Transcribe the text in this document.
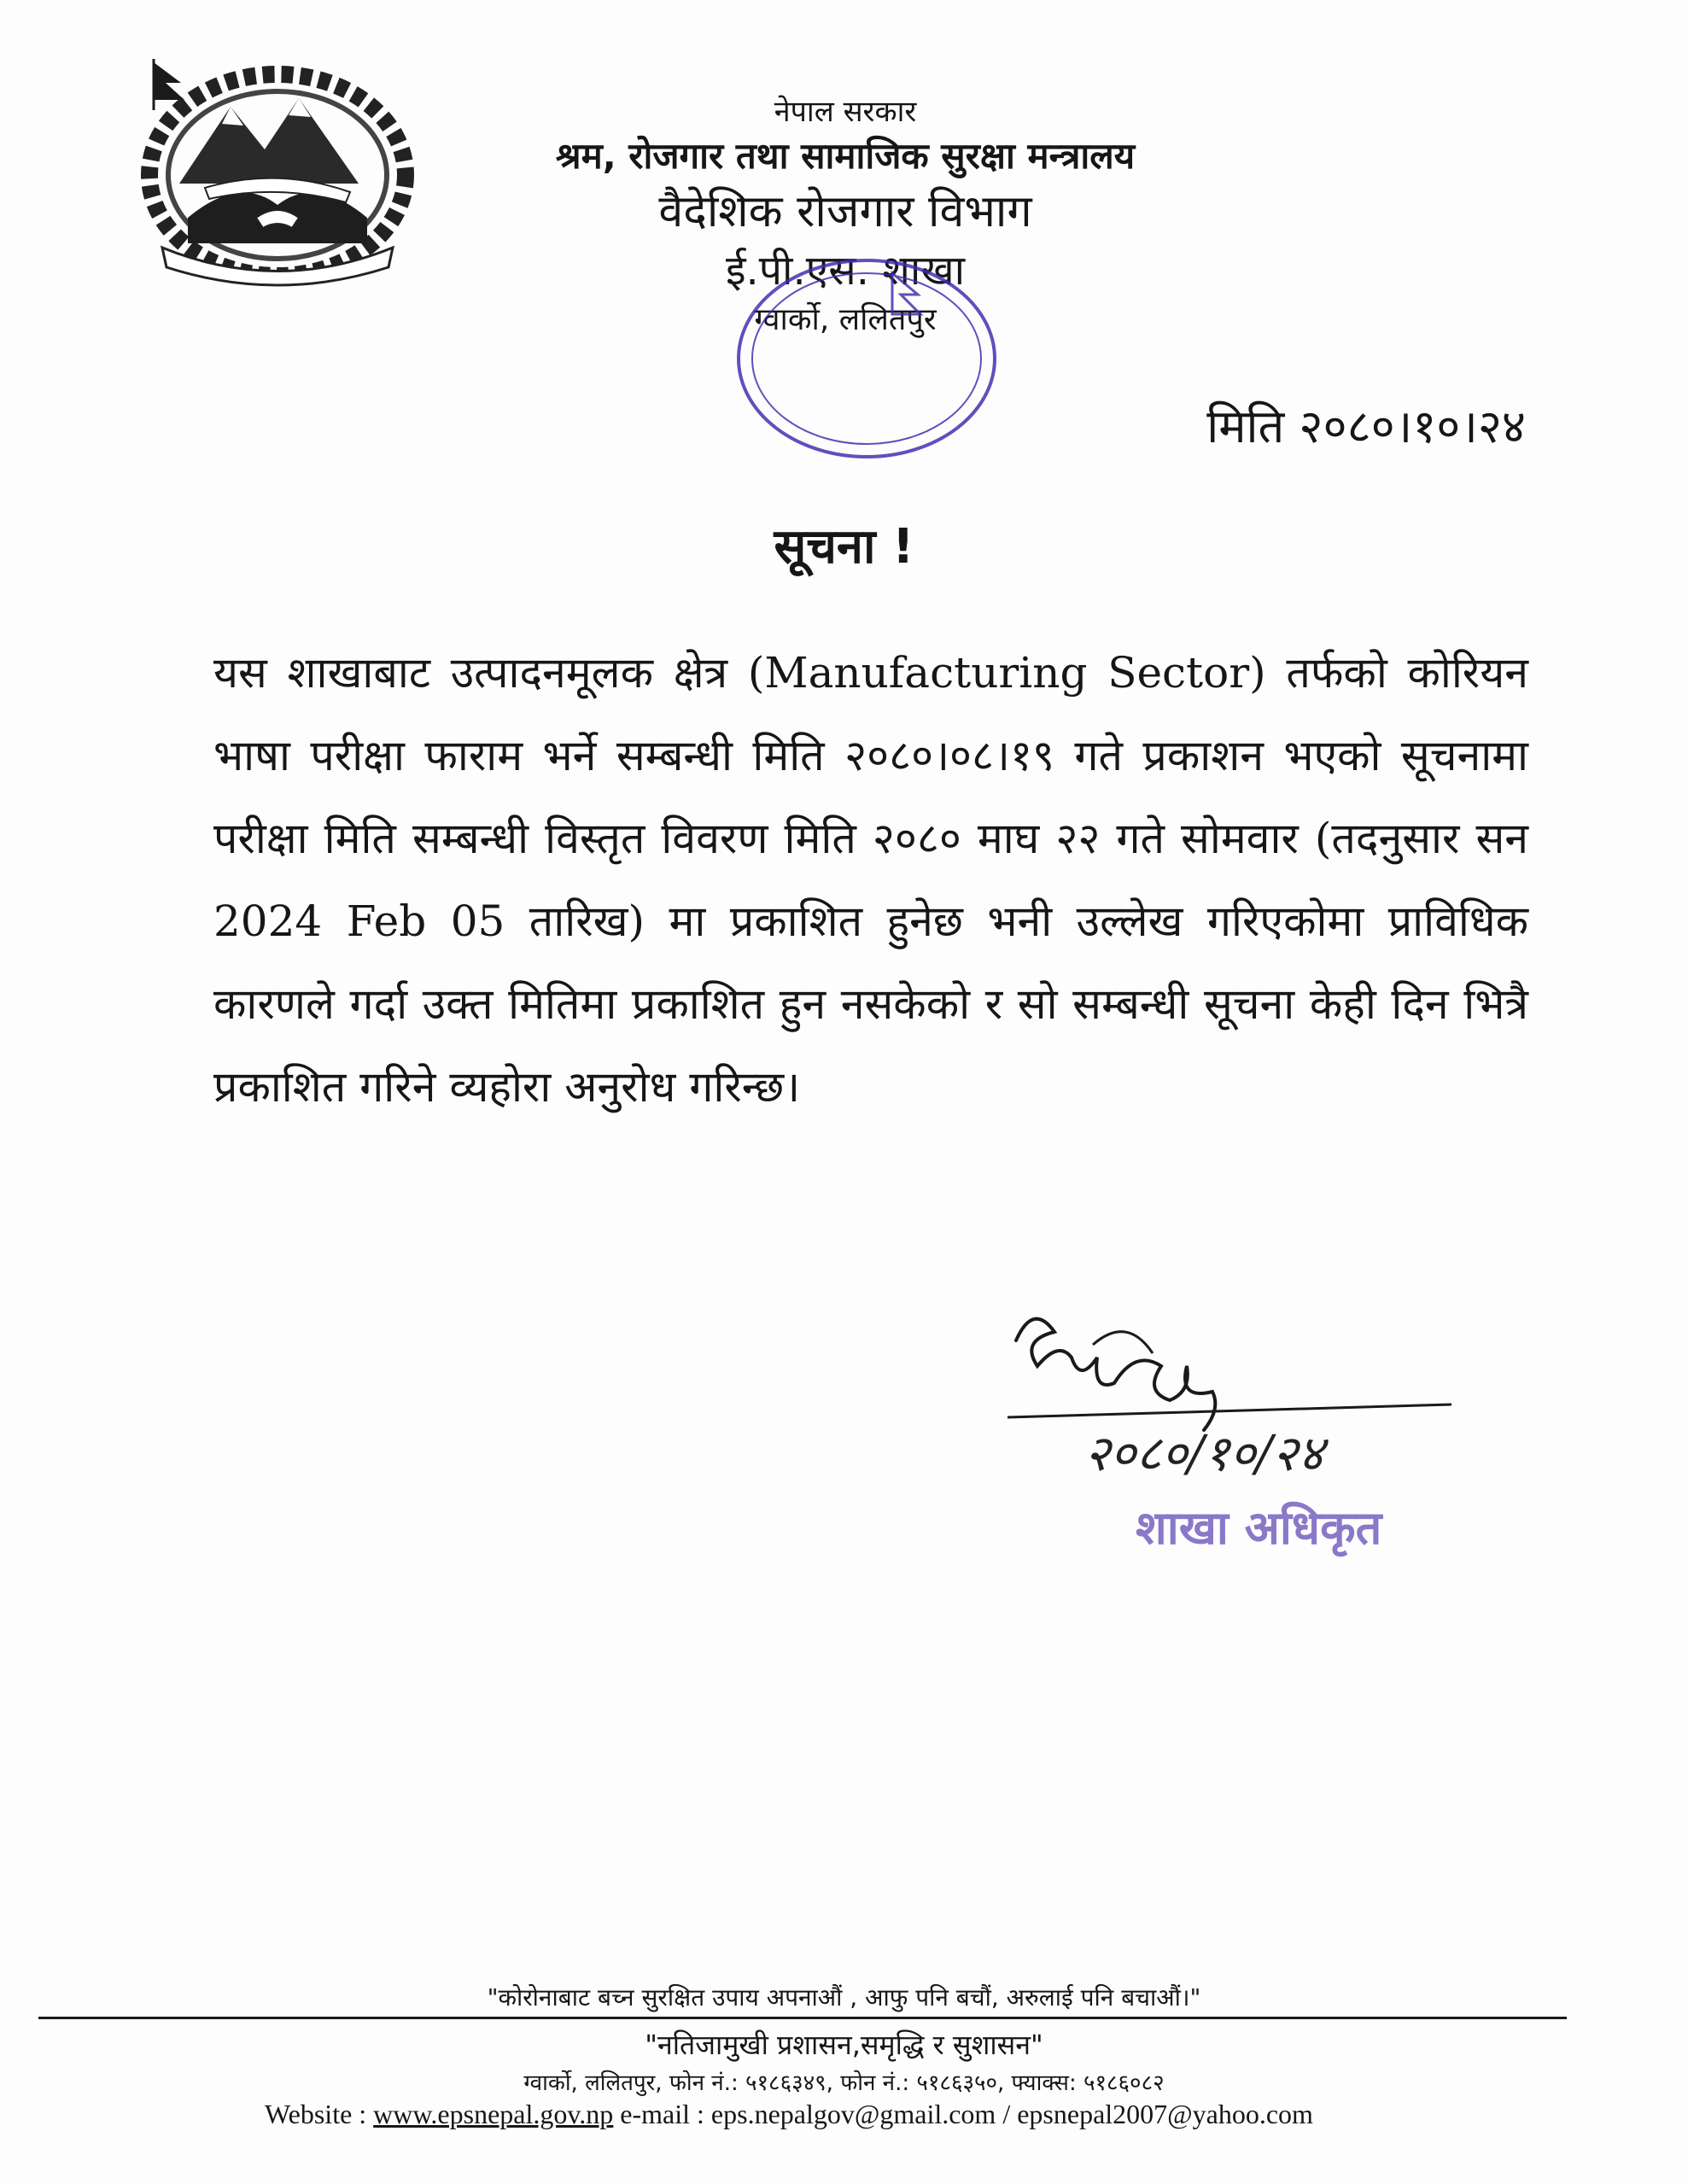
नेपाल सरकार
श्रम, रोजगार तथा सामाजिक सुरक्षा मन्त्रालय
वैदेशिक रोजगार विभाग
ई.पी.एस. शाखा
ग्वार्को, ललितपुर
मिति २०८०।१०।२४
सूचना !
यस शाखाबाट उत्पादनमूलक क्षेत्र (Manufacturing Sector) तर्फको कोरियन भाषा परीक्षा फाराम भर्ने सम्बन्धी मिति २०८०।०८।१९ गते प्रकाशन भएको सूचनामा परीक्षा मिति सम्बन्धी विस्तृत विवरण मिति २०८० माघ २२ गते सोमवार (तदनुसार सन 2024 Feb 05 तारिख) मा प्रकाशित हुनेछ भनी उल्लेख गरिएकोमा प्राविधिक कारणले गर्दा उक्त मितिमा प्रकाशित हुन नसकेको र सो सम्बन्धी सूचना केही दिन भित्रै प्रकाशित गरिने व्यहोरा अनुरोध गरिन्छ।
२०८०/१०/२४
शाखा अधिकृत
"कोरोनाबाट बच्न सुरक्षित उपाय अपनाऔं , आफु पनि बचौं, अरुलाई पनि बचाऔं।"
"नतिजामुखी प्रशासन,समृद्धि र सुशासन"
ग्वार्को, ललितपुर, फोन नं.: ५१८६३४९, फोन नं.: ५१८६३५०, फ्याक्स: ५१८६०८२
Website : www.epsnepal.gov.np e-mail : eps.nepalgov@gmail.com / epsnepal2007@yahoo.com
